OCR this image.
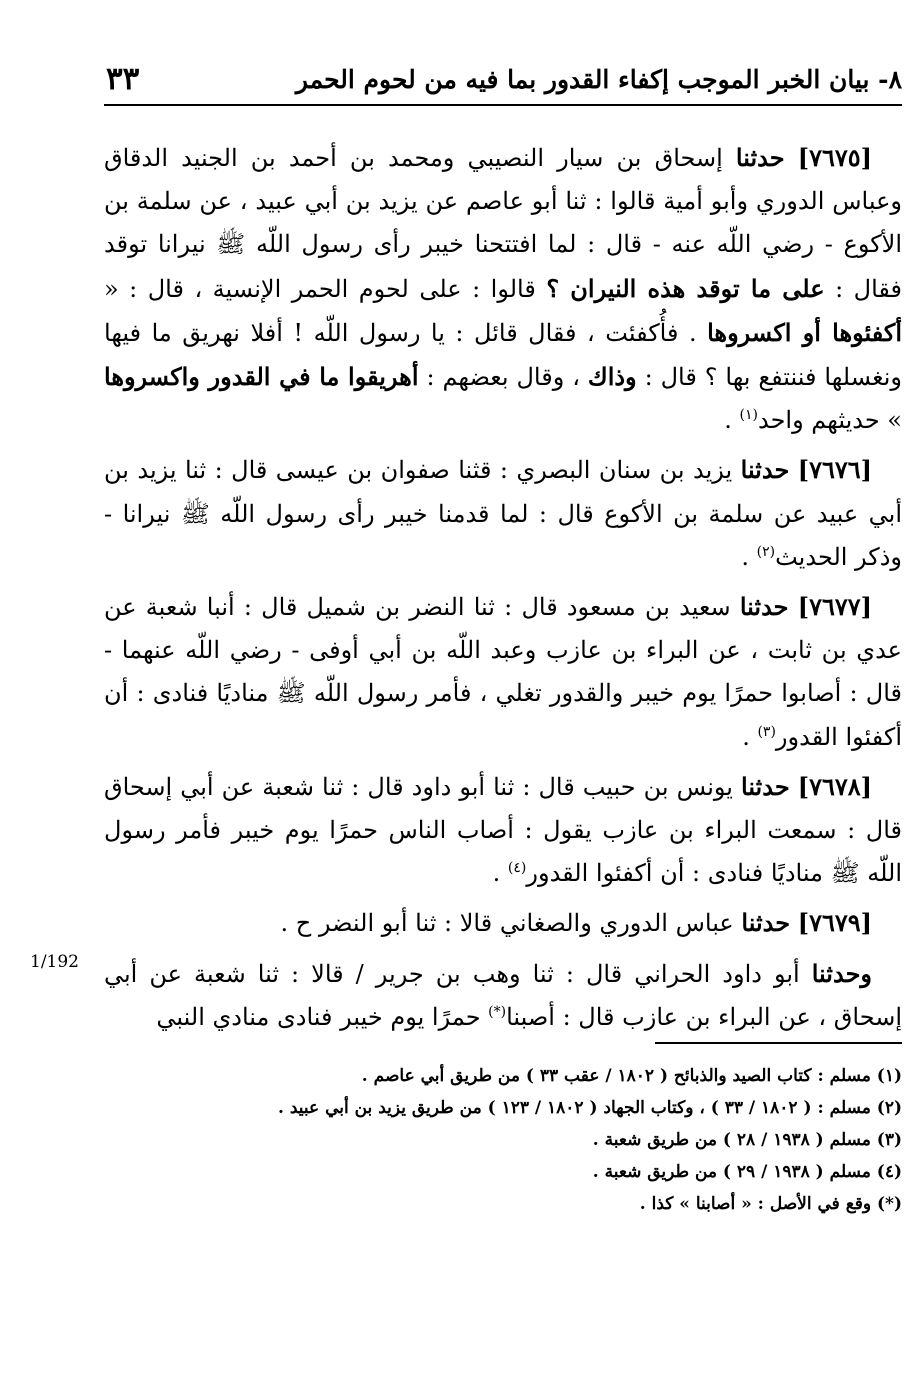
٣٣	٨- بيان الخبر الموجب إكفاء القدور بما فيه من لحوم الحمر

[٧٦٧٥] حدثنا إسحاق بن سيار النصيبي ومحمد بن أحمد بن الجنيد الدقاق وعباس الدوري وأبو أمية قالوا : ثنا أبو عاصم عن يزيد بن أبي عبيد ، عن سلمة بن الأكوع - رضي اللّه عنه - قال : لما افتتحنا خيبر رأى رسول اللّه ﷺ نيرانا توقد فقال : على ما توقد هذه النيران ؟ قالوا : على لحوم الحمر الإنسية ، قال : « أكفئوها أو اكسروها . فأُكفئت ، فقال قائل : يا رسول اللّه ! أفلا نهريق ما فيها ونغسلها فننتفع بها ؟ قال : وذاك ، وقال بعضهم : أهريقوا ما في القدور واكسروها » حديثهم واحد$^{(١)}$ .

[٧٦٧٦] حدثنا يزيد بن سنان البصري : قثنا صفوان بن عيسى قال : ثنا يزيد بن أبي عبيد عن سلمة بن الأكوع قال : لما قدمنا خيبر رأى رسول اللّه ﷺ نيرانا - وذكر الحديث$^{(٢)}$ .

[٧٦٧٧] حدثنا سعيد بن مسعود قال : ثنا النضر بن شميل قال : أنبا شعبة عن عدي بن ثابت ، عن البراء بن عازب وعبد اللّه بن أبي أوفى - رضي اللّه عنهما - قال : أصابوا حمرًا يوم خيبر والقدور تغلي ، فأمر رسول اللّه ﷺ مناديًا فنادى : أن أكفئوا القدور$^{(٣)}$ .

[٧٦٧٨] حدثنا يونس بن حبيب قال : ثنا أبو داود قال : ثنا شعبة عن أبي إسحاق قال : سمعت البراء بن عازب يقول : أصاب الناس حمرًا يوم خيبر فأمر رسول اللّه ﷺ مناديًا فنادى : أن أكفئوا القدور$^{(٤)}$ .

[٧٦٧٩] حدثنا عباس الدوري والصغاني قالا : ثنا أبو النضر ح .

وحدثنا أبو داود الحراني قال : ثنا وهب بن جرير / قالا : ثنا شعبة عن أبي إسحاق ، عن البراء بن عازب قال : أصبنا(*) حمرًا يوم خيبر فنادى منادي النبي

1/192

(١) مسلم : كتاب الصيد والذبائح ( ١٨٠٢ / عقب ٣٣ ) من طريق أبي عاصم .

(٢) مسلم : ( ١٨٠٢ / ٣٣ ) ، وكتاب الجهاد ( ١٨٠٢ / ١٢٣ ) من طريق يزيد بن أبي عبيد .

(٣) مسلم ( ١٩٣٨ / ٢٨ ) من طريق شعبة .

(٤) مسلم ( ١٩٣٨ / ٢٩ ) من طريق شعبة .

(*) وقع في الأصل : « أصابنا » كذا .
